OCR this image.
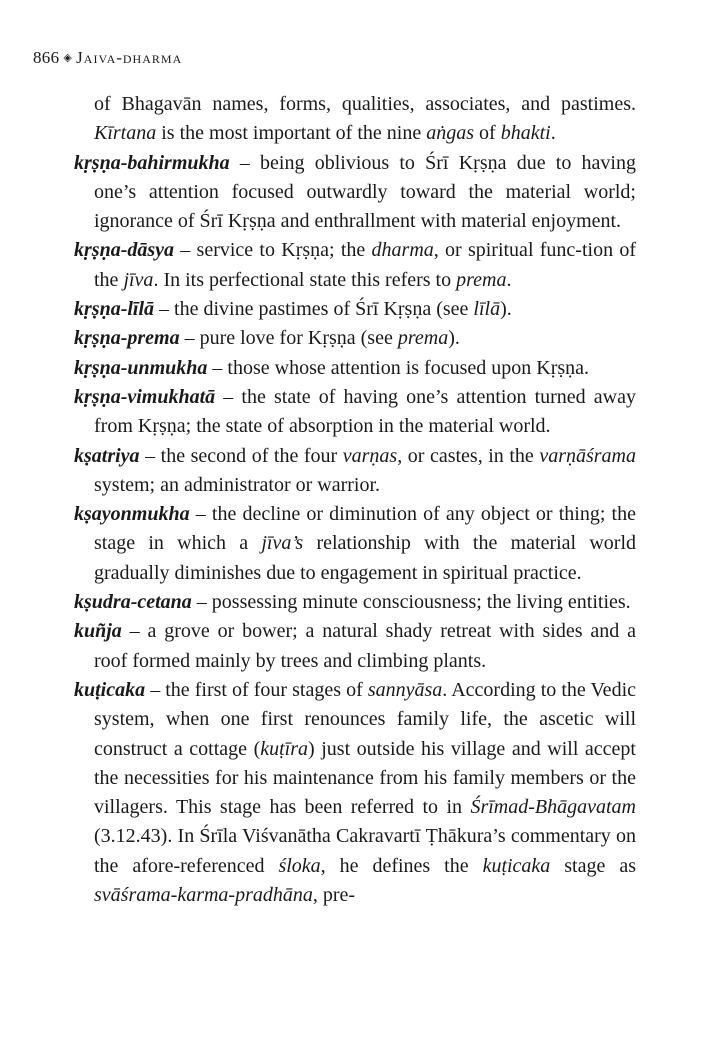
866 ◈ Jaiva-dharma

of Bhagavān names, forms, qualities, associates, and pastimes. Kīrtana is the most important of the nine aṅgas of bhakti.

kṛṣṇa-bahirmukha – being oblivious to Śrī Kṛṣṇa due to having one’s attention focused outwardly toward the material world; ignorance of Śrī Kṛṣṇa and enthrallment with material enjoyment.

kṛṣṇa-dāsya – service to Kṛṣṇa; the dharma, or spiritual func-tion of the jīva. In its perfectional state this refers to prema.

kṛṣṇa-līlā – the divine pastimes of Śrī Kṛṣṇa (see līlā).

kṛṣṇa-prema – pure love for Kṛṣṇa (see prema).

kṛṣṇa-unmukha – those whose attention is focused upon Kṛṣṇa.

kṛṣṇa-vimukhatā – the state of having one’s attention turned away from Kṛṣṇa; the state of absorption in the material world.

kṣatriya – the second of the four varṇas, or castes, in the varṇāśrama system; an administrator or warrior.

kṣayonmukha – the decline or diminution of any object or thing; the stage in which a jīva’s relationship with the material world gradually diminishes due to engagement in spiritual practice.

kṣudra-cetana – possessing minute consciousness; the living entities.

kuñja – a grove or bower; a natural shady retreat with sides and a roof formed mainly by trees and climbing plants.

kuṭicaka – the first of four stages of sannyāsa. According to the Vedic system, when one first renounces family life, the ascetic will construct a cottage (kuṭīra) just outside his village and will accept the necessities for his maintenance from his family members or the villagers. This stage has been referred to in Śrīmad-Bhāgavatam (3.12.43). In Śrīla Viśvanātha Cakravartī Ṭhākura’s commentary on the afore-referenced śloka, he defines the kuṭicaka stage as svāśrama-karma-pradhāna, pre-
